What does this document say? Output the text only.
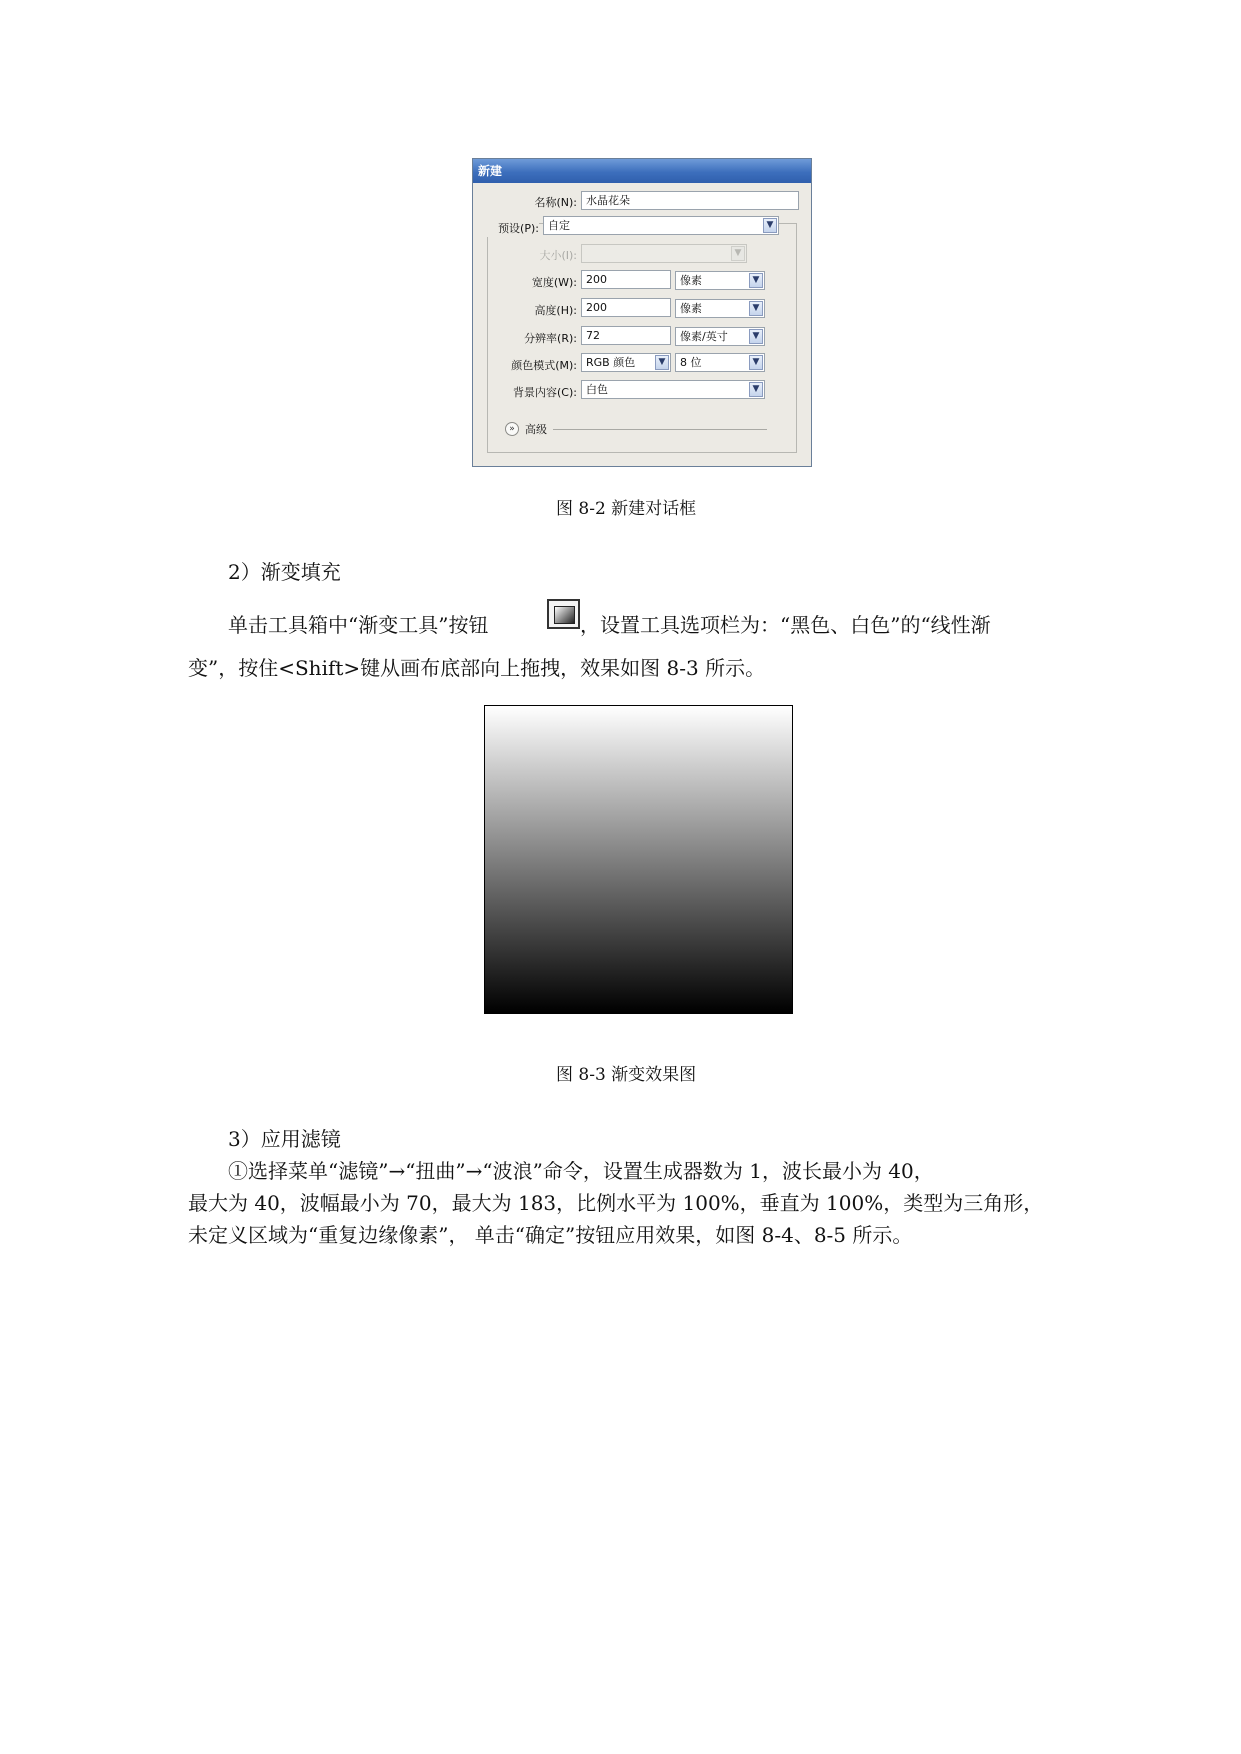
新建
名称(N): 水晶花朵
预设(P): 自定	▼
大小(I):	▼
宽度(W): 200	像素	▼
高度(H): 200	像素	▼
分辨率(R): 72	像素/英寸	▼
颜色模式(M): RGB 颜色	▼	8 位	▼
背景内容(C): 白色	▼
» 高级
图 8-2 新建对话框
2）渐变填充
单击工具箱中“渐变工具”按钮	，设置工具选项栏为：“黑色、白色”的“线性渐
变”，按住<Shift>键从画布底部向上拖拽，效果如图 8-3 所示。
图 8-3 渐变效果图
3）应用滤镜
①选择菜单“滤镜”→“扭曲”→“波浪”命令，设置生成器数为 1，波长最小为 40，
最大为 40，波幅最小为 70，最大为 183，比例水平为 100%，垂直为 100%，类型为三角形，
未定义区域为“重复边缘像素”， 单击“确定”按钮应用效果，如图 8-4、8-5 所示。
